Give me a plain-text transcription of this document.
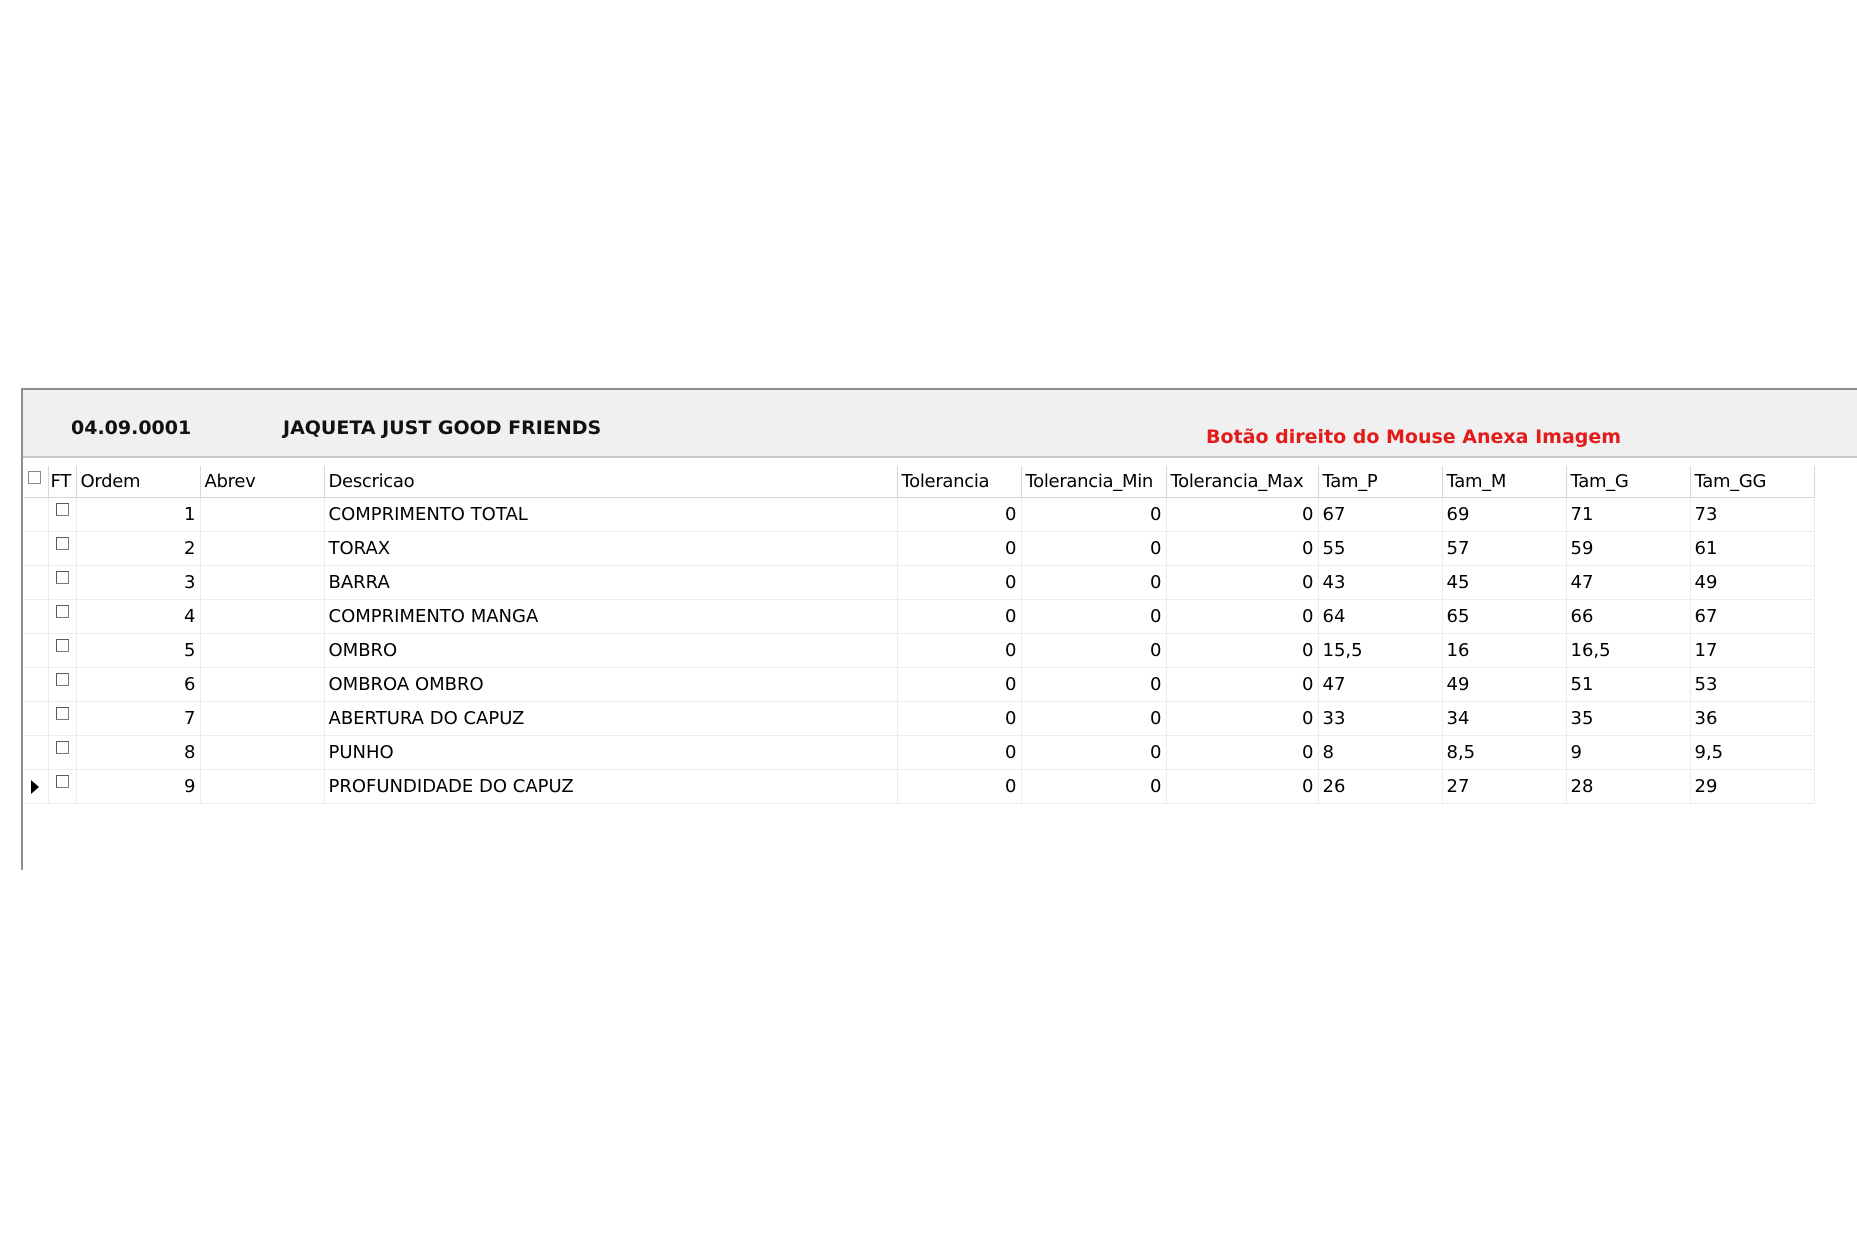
04.09.0001	JAQUETA JUST GOOD FRIENDS	Botão direito do Mouse Anexa Imagem
	FT	Ordem	Abrev	Descricao	Tolerancia	Tolerancia_Min	Tolerancia_Max	Tam_P	Tam_M	Tam_G	Tam_GG
		1		COMPRIMENTO TOTAL	0	0	0	67	69	71	73
		2		TORAX	0	0	0	55	57	59	61
		3		BARRA	0	0	0	43	45	47	49
		4		COMPRIMENTO MANGA	0	0	0	64	65	66	67
		5		OMBRO	0	0	0	15,5	16	16,5	17
		6		OMBROA OMBRO	0	0	0	47	49	51	53
		7		ABERTURA DO CAPUZ	0	0	0	33	34	35	36
		8		PUNHO	0	0	0	8	8,5	9	9,5
		9		PROFUNDIDADE DO CAPUZ	0	0	0	26	27	28	29
